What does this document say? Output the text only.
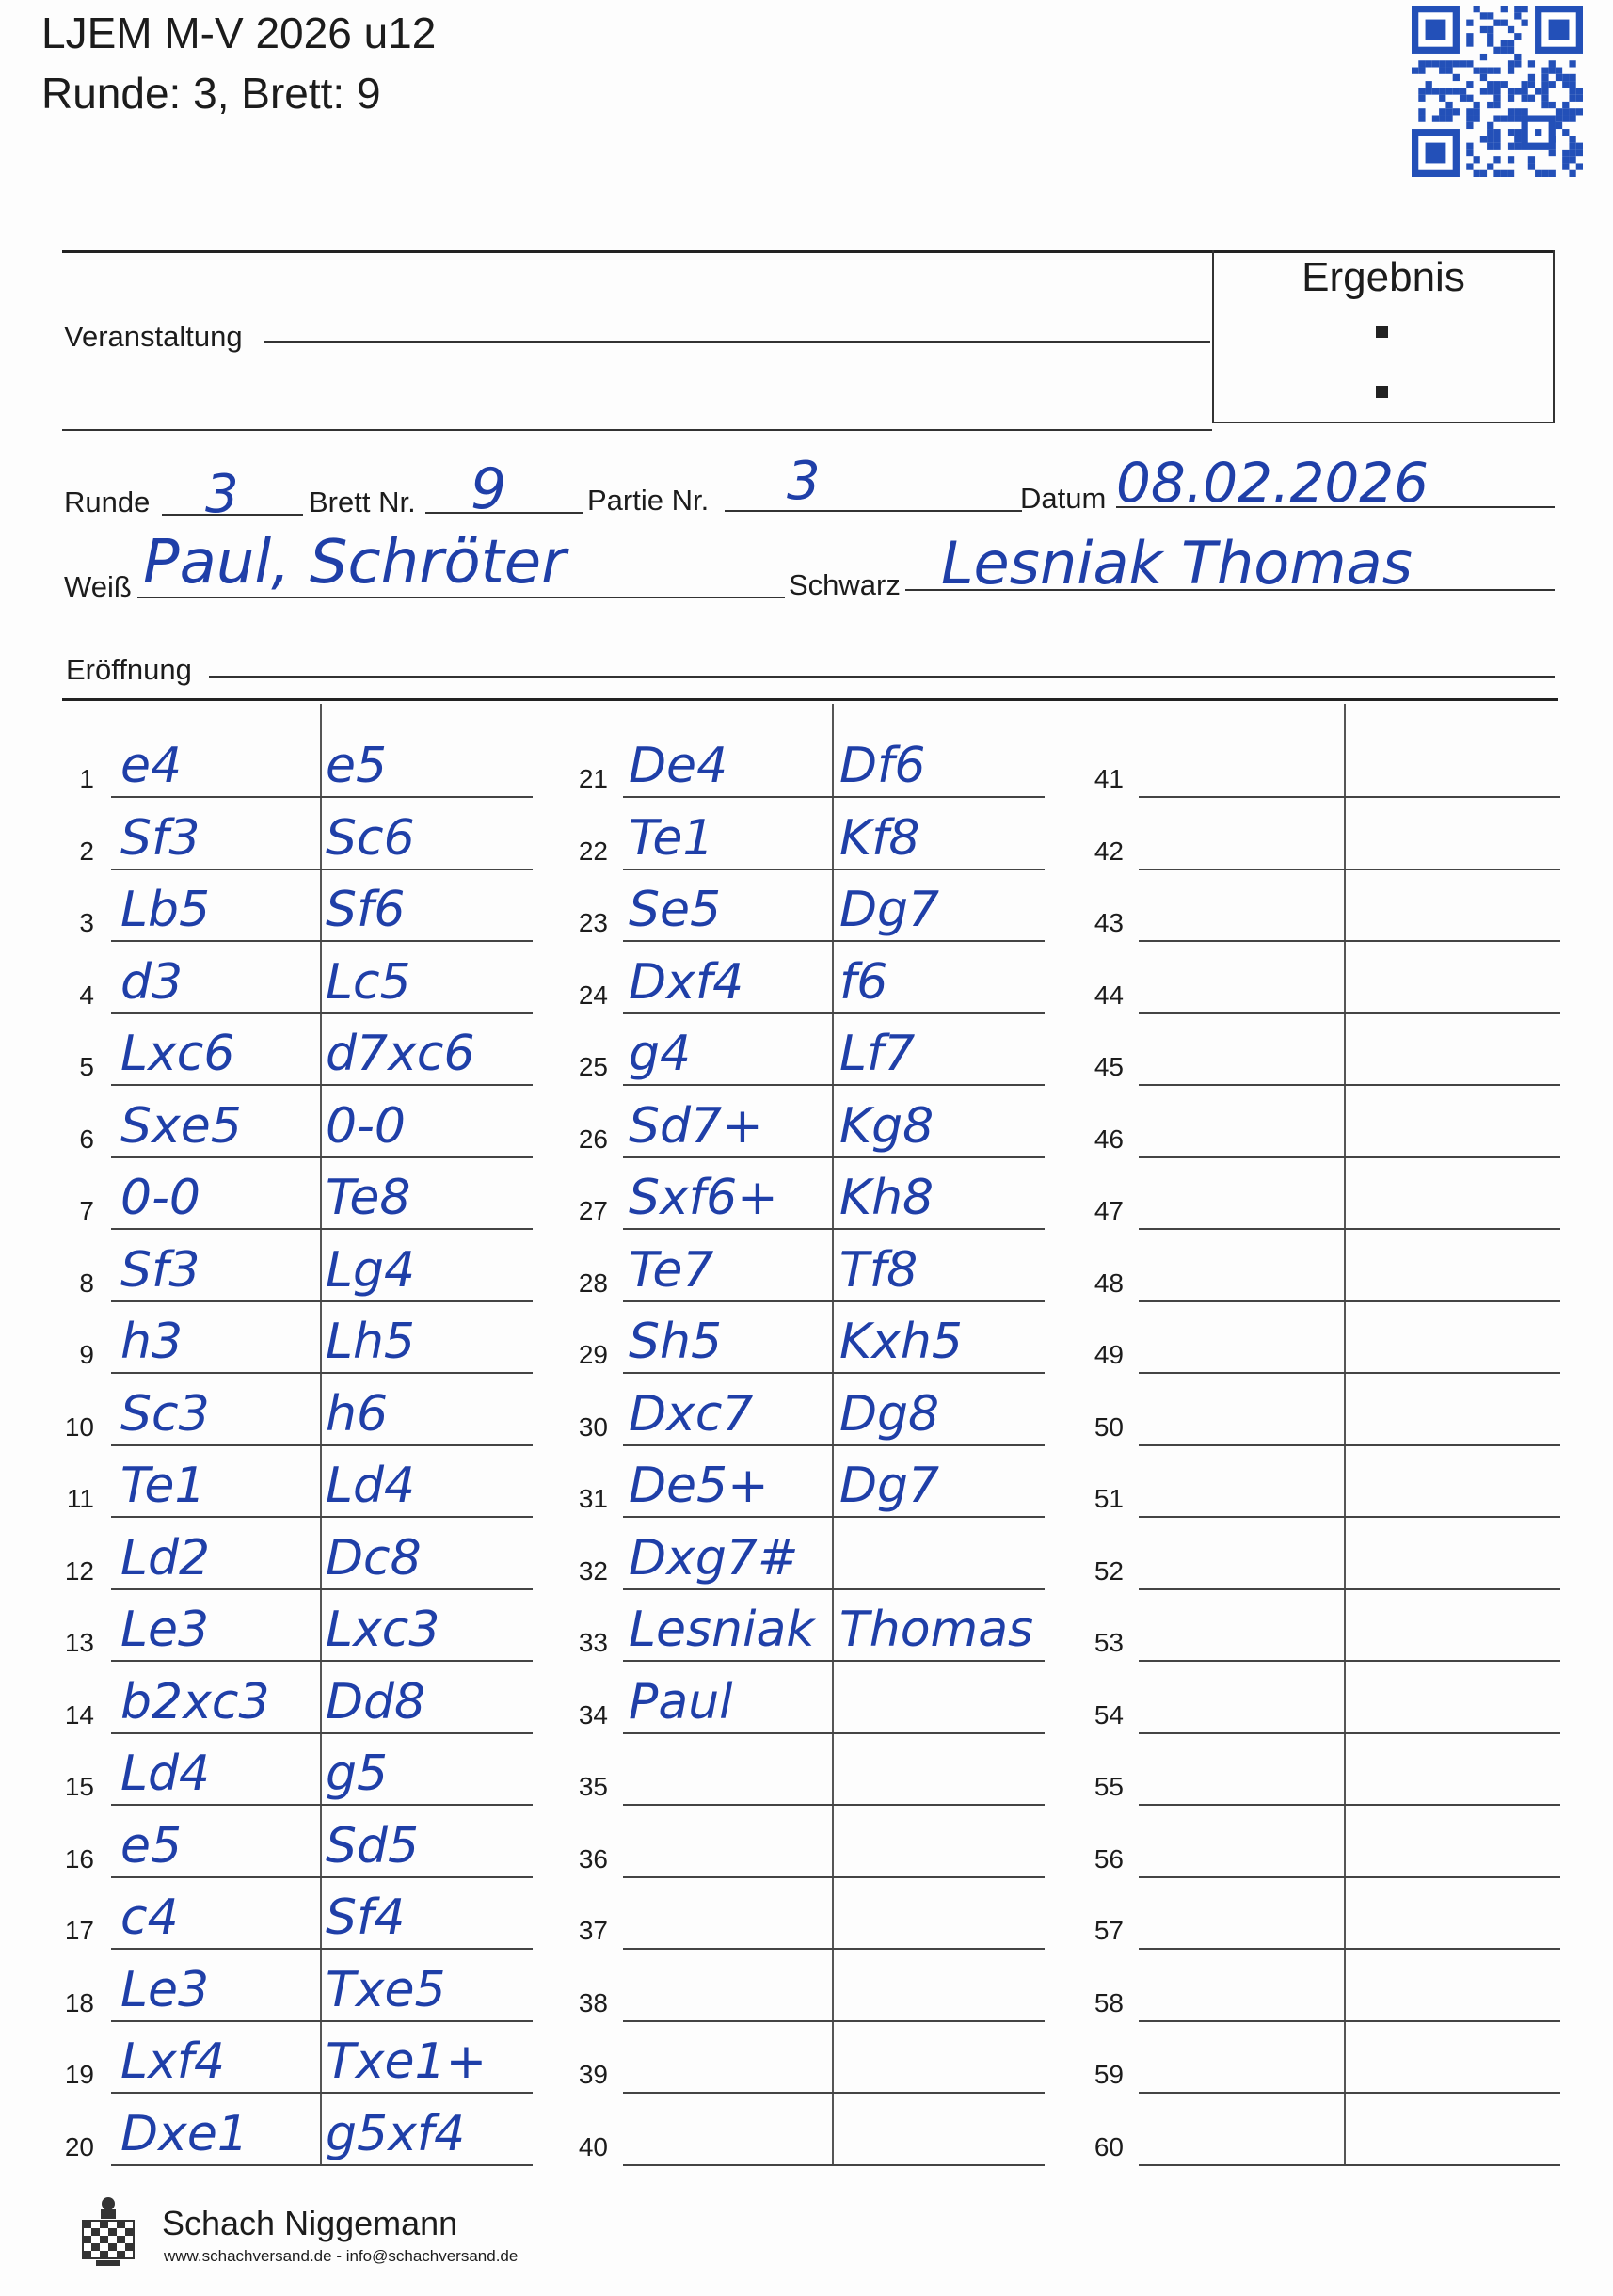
LJEM M-V 2026 u12
Runde: 3, Brett: 9
Ergebnis
Veranstaltung
Runde 3 Brett Nr. 9	Partie Nr. 3	Datum 08.02.2026
Weiß Paul, Schröter	Schwarz Lesniak Thomas
Eröffnung
1 e4	e5
2 Sf3	Sc6
3 Lb5 Sf6
4 d3	Lc5
5 Lxc6 d7xc6
6 Sxe5 0-0
7 0-0	Te8
8 Sf3	Lg4
9 h3	Lh5
10 Sc3 h6
11 Te1 Ld4
12 Ld2 Dc8
13 Le3 Lxc3
14 b2xc3 Dd8
15 Ld4 g5
16 e5	Sd5
17 c4	Sf4
18 Le3 Txe5
19 Lxf4 Txe1+
20 Dxe1 g5xf4
21 De4 Df6
22 Te1	Kf8
23 Se5 Dg7
24 Dxf4 f6
25 g4	Lf7
26 Sd7+ Kg8
27 Sxf6+ Kh8
28 Te7	Tf8
29 Sh5 Kxh5
30 Dxc7 Dg8
31 De5+ Dg7
32 Dxg7#
33 Lesniak Thomas
34 Paul
35
36
37
38
39
40
41
42
43
44
45
46
47
48
49
50
51
52
53
54
55
56
57
58
59
60
Schach Niggemann
www.schachversand.de - info@schachversand.de
